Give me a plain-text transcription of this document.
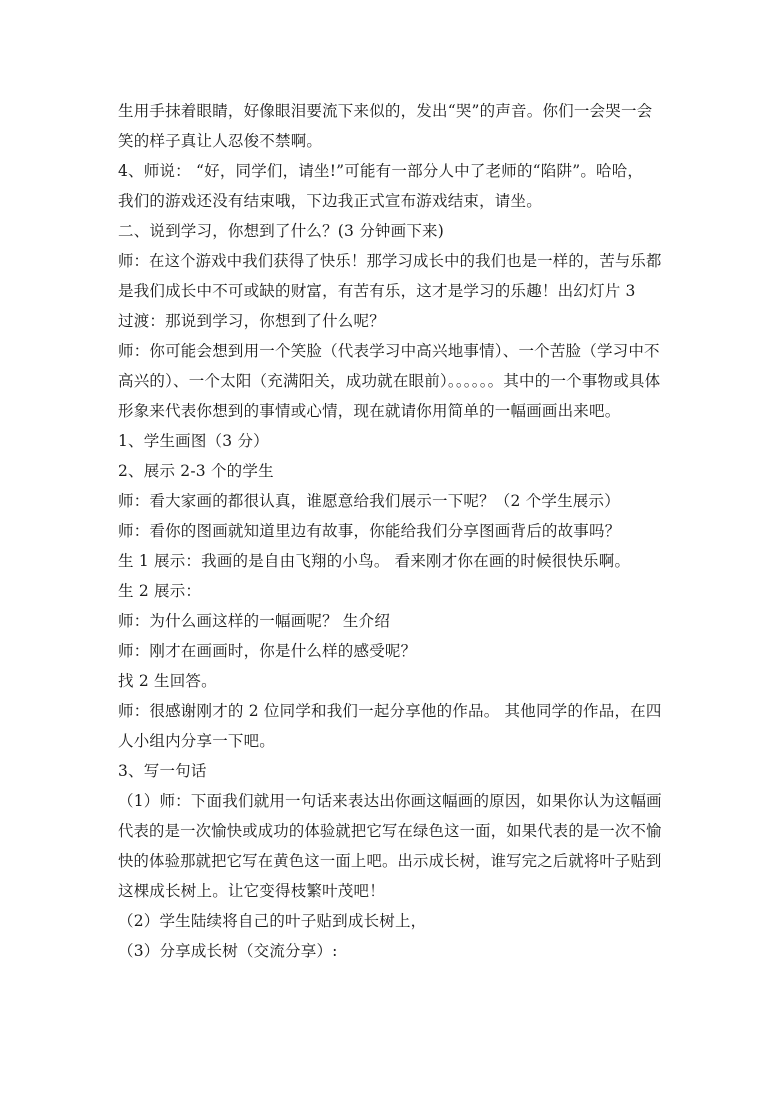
生用手抹着眼睛，好像眼泪要流下来似的，发出“哭”的声音。你们一会哭一会
笑的样子真让人忍俊不禁啊。
4、师说： “好，同学们，请坐!”可能有一部分人中了老师的“陷阱”。哈哈，
我们的游戏还没有结束哦，下边我正式宣布游戏结束，请坐。
二、说到学习，你想到了什么？(3 分钟画下来)
师：在这个游戏中我们获得了快乐！那学习成长中的我们也是一样的，苦与乐都
是我们成长中不可或缺的财富，有苦有乐，这才是学习的乐趣！出幻灯片 3
过渡：那说到学习，你想到了什么呢？
师：你可能会想到用一个笑脸（代表学习中高兴地事情）、一个苦脸（学习中不
高兴的）、一个太阳（充满阳关，成功就在眼前）。。。。。。其中的一个事物或具体
形象来代表你想到的事情或心情，现在就请你用简单的一幅画画出来吧。
1、学生画图（3 分）
2、展示 2-3 个的学生
师：看大家画的都很认真，谁愿意给我们展示一下呢？（2 个学生展示）
师：看你的图画就知道里边有故事，你能给我们分享图画背后的故事吗？
生 1 展示：我画的是自由飞翔的小鸟。 看来刚才你在画的时候很快乐啊。
生 2 展示：
师：为什么画这样的一幅画呢？ 生介绍
师：刚才在画画时，你是什么样的感受呢？
找 2 生回答。
师：很感谢刚才的 2 位同学和我们一起分享他的作品。 其他同学的作品，在四
人小组内分享一下吧。
3、写一句话
（1）师：下面我们就用一句话来表达出你画这幅画的原因，如果你认为这幅画
代表的是一次愉快或成功的体验就把它写在绿色这一面，如果代表的是一次不愉
快的体验那就把它写在黄色这一面上吧。出示成长树，谁写完之后就将叶子贴到
这棵成长树上。让它变得枝繁叶茂吧！
（2）学生陆续将自己的叶子贴到成长树上，
（3）分享成长树（交流分享）:
